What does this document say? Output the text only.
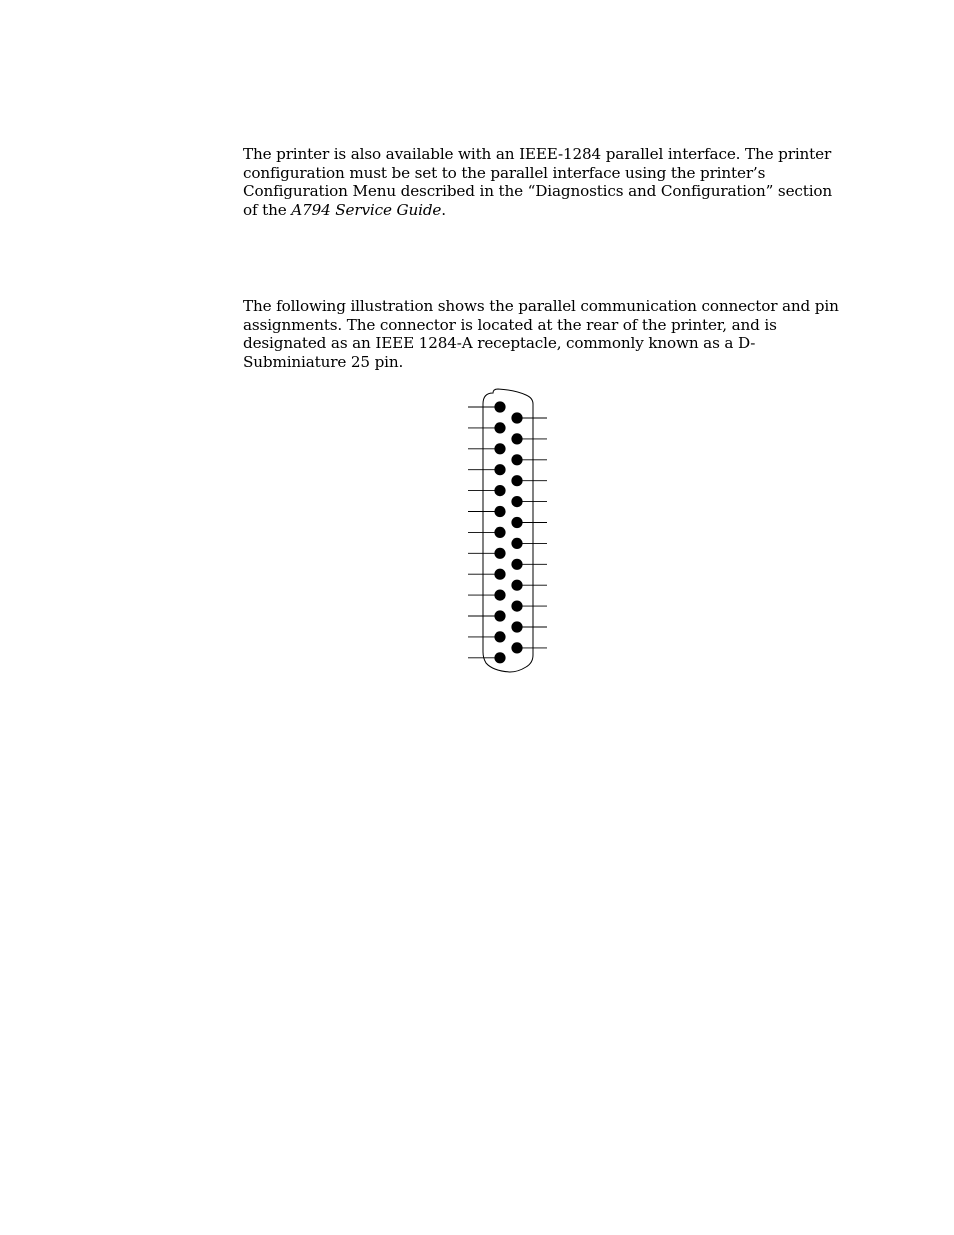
The printer is also available with an IEEE-1284 parallel interface. The printer configuration must be set to the parallel interface using the printer’s Configuration Menu described in the “Diagnostics and Configuration” section of the A794 Service Guide.

The following illustration shows the parallel communication connector and pin assignments. The connector is located at the rear of the printer, and is designated as an IEEE 1284-A receptacle, commonly known as a D-Subminiature 25 pin.
